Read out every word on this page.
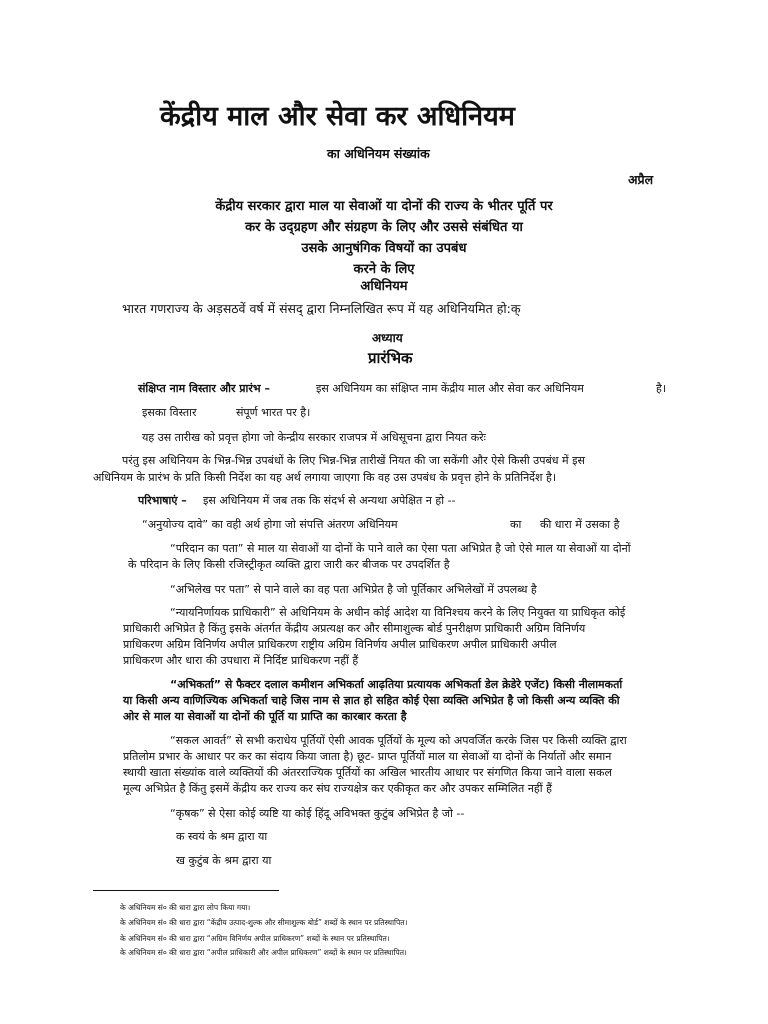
केंद्रीय माल और सेवा कर अधिनियम
का अधिनियम संख्यांक
अप्रैल
केंद्रीय सरकार द्वारा माल या सेवाओं या दोनों की राज्य के भीतर पूर्ति पर
कर के उद्ग्रहण और संग्रहण के लिए और उससे संबंधित या
उसके आनुषंगिक विषयों का उपबंध
करने के लिए
अधिनियम
भारत गणराज्य के अड़सठवें वर्ष में संसद् द्वारा निम्नलिखित रूप में यह अधिनियमित हो:क्
अध्याय
प्रारंभिक
संक्षिप्त नाम विस्तार और प्रारंभ –	इस अधिनियम का संक्षिप्त नाम केंद्रीय माल और सेवा कर अधिनियम	है।
इसका विस्तार	संपूर्ण भारत पर है।
यह उस तारीख को प्रवृत्त होगा जो केन्द्रीय सरकार राजपत्र में अधिसूचना द्वारा नियत करेः
परंतु इस अधिनियम के भिन्न-भिन्न उपबंधों के लिए भिन्न-भिन्न तारीखें नियत की जा सकेंगी और ऐसे किसी उपबंध में इस
अधिनियम के प्रारंभ के प्रति किसी निर्देश का यह अर्थ लगाया जाएगा कि वह उस उपबंध के प्रवृत्त होने के प्रतिनिर्देश है।
परिभाषाएं – इस अधिनियम में जब तक कि संदर्भ से अन्यथा अपेक्षित न हो --
“अनुयोज्य दावे” का वही अर्थ होगा जो संपत्ति अंतरण अधिनियम	का की धारा में उसका है
“परिदान का पता” से माल या सेवाओं या दोनों के पाने वाले का ऐसा पता अभिप्रेत है जो ऐसे माल या सेवाओं या दोनों
के परिदान के लिए किसी रजिस्ट्रीकृत व्यक्ति द्वारा जारी कर बीजक पर उपदर्शित है
“अभिलेख पर पता” से पाने वाले का वह पता अभिप्रेत है जो पूर्तिकार अभिलेखों में उपलब्ध है
“न्यायनिर्णायक प्राधिकारी” से अधिनियम के अधीन कोई आदेश या विनिश्चय करने के लिए नियुक्त या प्राधिकृत कोई
प्राधिकारी अभिप्रेत है किंतु इसके अंतर्गत केंद्रीय अप्रत्यक्ष कर और सीमाशुल्क बोर्ड पुनरीक्षण प्राधिकारी अग्रिम विनिर्णय
प्राधिकरण अग्रिम विनिर्णय अपील प्राधिकरण राष्ट्रीय अग्रिम विनिर्णय अपील प्राधिकरण अपील प्राधिकारी अपील
प्राधिकरण और धारा की उपधारा में निर्दिष्ट प्राधिकरण नहीं हैं
“अभिकर्ता” से फैक्टर दलाल कमीशन अभिकर्ता आढ़तिया प्रत्यायक अभिकर्ता डेल क्रेडेरे एजेंट) किसी नीलामकर्ता
या किसी अन्य वाणिज्यिक अभिकर्ता चाहे जिस नाम से ज्ञात हो सहित कोई ऐसा व्यक्ति अभिप्रेत है जो किसी अन्य व्यक्ति की
ओर से माल या सेवाओं या दोनों की पूर्ति या प्राप्ति का कारबार करता है
“सकल आवर्त” से सभी कराधेय पूर्तियों ऐसी आवक पूर्तियों के मूल्य को अपवर्जित करके जिस पर किसी व्यक्ति द्वारा
प्रतिलोम प्रभार के आधार पर कर का संदाय किया जाता है) छूट- प्राप्त पूर्तियों माल या सेवाओं या दोनों के निर्यातों और समान
स्थायी खाता संख्यांक वाले व्यक्तियों की अंतरराज्यिक पूर्तियों का अखिल भारतीय आधार पर संगणित किया जाने वाला सकल
मूल्य अभिप्रेत है किंतु इसमें केंद्रीय कर राज्य कर संघ राज्यक्षेत्र कर एकीकृत कर और उपकर सम्मिलित नहीं हैं
“कृषक” से ऐसा कोई व्यष्टि या कोई हिंदू अविभक्त कुटुंब अभिप्रेत है जो --
क स्वयं के श्रम द्वारा या
ख कुटुंब के श्रम द्वारा या
के अधिनियम सं० की धारा द्वारा लोप किया गया।
के अधिनियम सं० की धारा द्वारा “केंद्रीय उत्पाद-शुल्क और सीमाशुल्क बोर्ड” शब्दों के स्थान पर प्रतिस्थापित।
के अधिनियम सं० की धारा द्वारा “अग्रिम विनिर्णय अपील प्राधिकरण” शब्दों के स्थान पर प्रतिस्थापित।
के अधिनियम सं० की धारा द्वारा “अपील प्राधिकारी और अपील प्राधिकरण” शब्दों के स्थान पर प्रतिस्थापित।
